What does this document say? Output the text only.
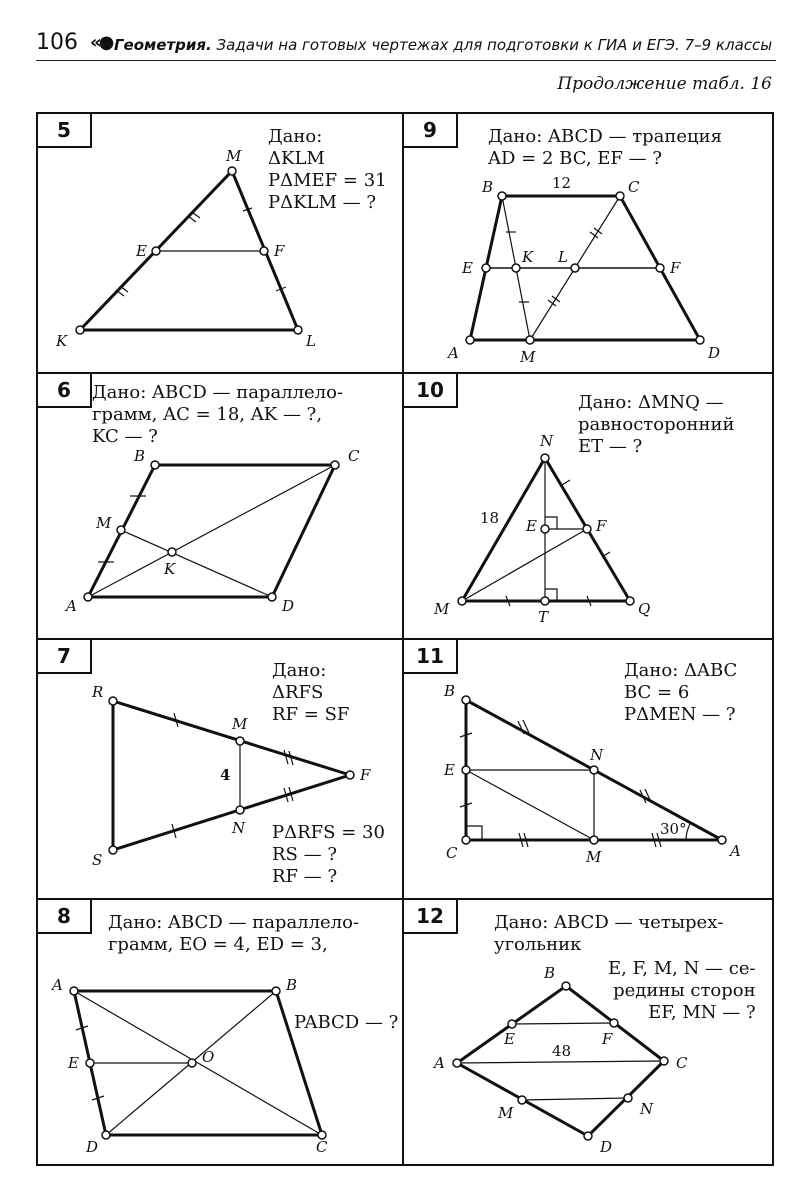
106 «● Геометрия. Задачи на готовых чертежах для подготовки к ГИА и ЕГЭ. 7–9 классы
Продолжение табл. 16
5	9
6	10
7	11
8	12
Дано:
ΔKLM
PΔMEF = 31
PΔKLM — ?
Дано: ABCD — трапеция
AD = 2 BC, EF — ?
Дано: ABCD — параллело-
грамм, AC = 18, AK — ?,
KC — ?
Дано: ΔMNQ —
равносторонний
ET — ?
Дано:
ΔRFS
RF = SF
PΔRFS = 30
RS — ?
RF — ?
Дано: ΔABC
BC = 6
PΔMEN — ?
Дано: ABCD — параллело-
грамм, EO = 4, ED = 3,
PABCD — ?
Дано: ABCD — четырех-
угольник
E, F, M, N — се-
редины сторон
EF, MN — ?
M
E	F
K	L
B	C
12
E
K L
F
A	M	D
B	C
M
K
A	D
N
18 E	F
M	T	Q
R
M
F
4
N
S
B
N
E
C	M	A
30°
A	B
E	O
D	C
B
E	F
48
A	C
M	N
D
